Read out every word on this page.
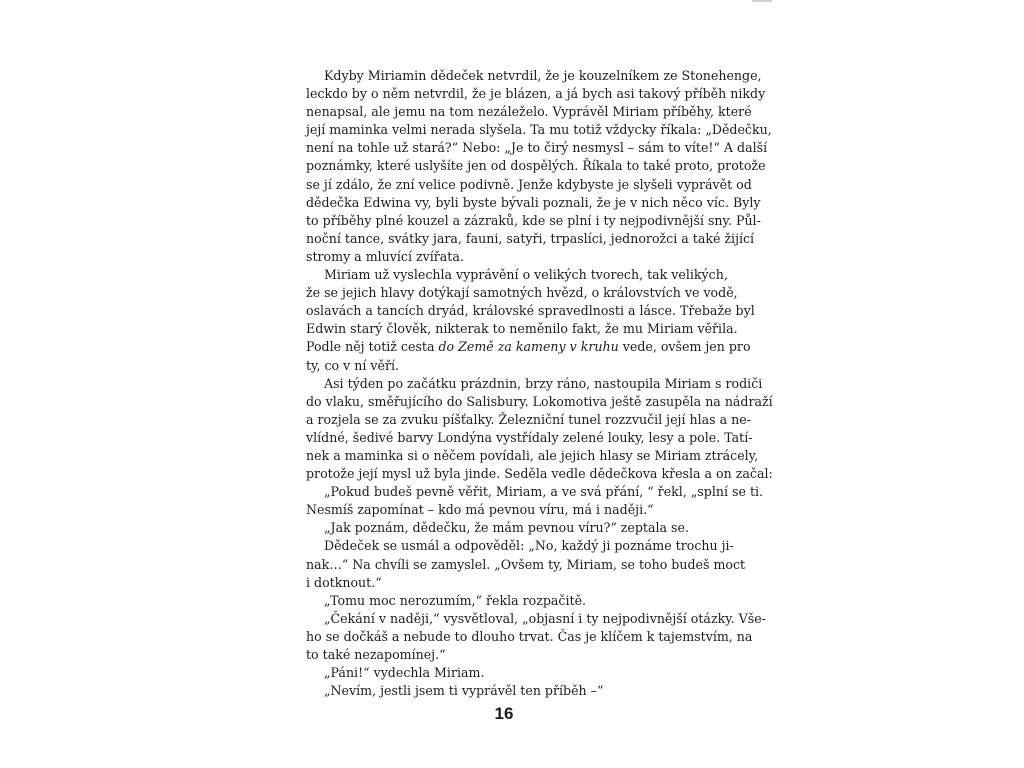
Kdyby Miriamin dědeček netvrdil, že je kouzelníkem ze Stonehenge,
leckdo by o něm netvrdil, že je blázen, a já bych asi takový příběh nikdy
nenapsal, ale jemu na tom nezáleželo. Vyprávěl Miriam příběhy, které
její maminka velmi nerada slyšela. Ta mu totiž vždycky říkala: „Dědečku,
není na tohle už stará?“ Nebo: „Je to čirý nesmysl – sám to víte!“ A další
poznámky, které uslyšíte jen od dospělých. Říkala to také proto, protože
se jí zdálo, že zní velice podivně. Jenže kdybyste je slyšeli vyprávět od
dědečka Edwina vy, byli byste bývali poznali, že je v nich něco víc. Byly
to příběhy plné kouzel a zázraků, kde se plní i ty nejpodivnější sny. Půl-
noční tance, svátky jara, fauni, satyři, trpaslíci, jednorožci a také žijící
stromy a mluvící zvířata.
Miriam už vyslechla vyprávění o velikých tvorech, tak velikých,
že se jejich hlavy dotýkají samotných hvězd, o královstvích ve vodě,
oslavách a tancích dryád, královské spravedlnosti a lásce. Třebaže byl
Edwin starý člověk, nikterak to neměnilo fakt, že mu Miriam věřila.
Podle něj totiž cesta do Země za kameny v kruhu vede, ovšem jen pro
ty, co v ní věří.
Asi týden po začátku prázdnin, brzy ráno, nastoupila Miriam s rodiči
do vlaku, směřujícího do Salisbury. Lokomotiva ještě zasupěla na nádraží
a rozjela se za zvuku píšťalky. Železniční tunel rozzvučil její hlas a ne-
vlídné, šedivé barvy Londýna vystřídaly zelené louky, lesy a pole. Tatí-
nek a maminka si o něčem povídali, ale jejich hlasy se Miriam ztrácely,
protože její mysl už byla jinde. Seděla vedle dědečkova křesla a on začal:
„Pokud budeš pevně věřit, Miriam, a ve svá přání, “ řekl, „splní se ti.
Nesmíš zapomínat – kdo má pevnou víru, má i naději.“
„Jak poznám, dědečku, že mám pevnou víru?“ zeptala se.
Dědeček se usmál a odpověděl: „No, každý ji poznáme trochu ji-
nak…“ Na chvíli se zamyslel. „Ovšem ty, Miriam, se toho budeš moct
i dotknout.“
„Tomu moc nerozumím,“ řekla rozpačitě.
„Čekání v naději,“ vysvětloval, „objasní i ty nejpodivnější otázky. Vše-
ho se dočkáš a nebude to dlouho trvat. Čas je klíčem k tajemstvím, na
to také nezapomínej.“
„Páni!“ vydechla Miriam.
„Nevím, jestli jsem ti vyprávěl ten příběh –“
16
